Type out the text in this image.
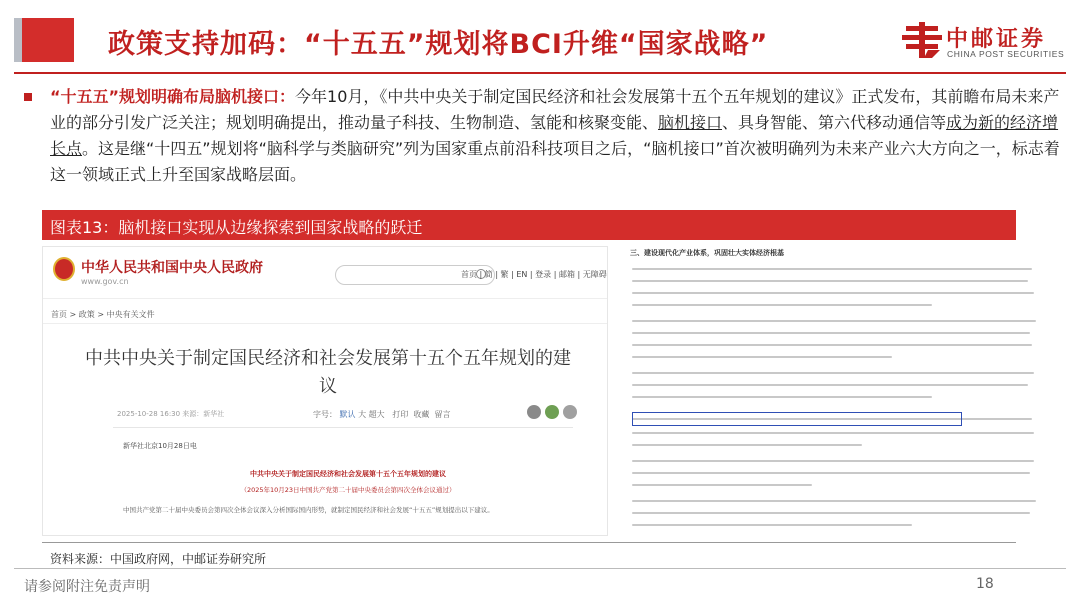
政策支持加码：“十五五”规划将BCI升维“国家战略”	中邮证券
CHINA POST SECURITIES

“十五五”规划明确布局脑机接口：今年10月，《中共中央关于制定国民经济和社会发展第十五个五年规划的建议》正式发布，其前瞻布局未来产业的部分引发广泛关注；规划明确提出，推动量子科技、生物制造、氢能和核聚变能、脑机接口、具身智能、第六代移动通信等成为新的经济增长点。这是继“十四五”规划将“脑科学与类脑研究”列为国家重点前沿科技项目之后，“脑机接口”首次被明确列为未来产业六大方向之一，标志着这一领域正式上升至国家战略层面。

图表13：脑机接口实现从边缘探索到国家战略的跃迁
中华人民共和国中央人民政府
www.gov.cn
首页 | 简 | 繁 | EN | 登录 | 邮箱 | 无障碍
首页 > 政策 > 中央有关文件
中共中央关于制定国民经济和社会发展第十五个五年规划的建议
2025-10-28 16:30 来源：新华社	字号： 默认 大 超大 打印 收藏 留言
新华社北京10月28日电
中共中央关于制定国民经济和社会发展第十五个五年规划的建议
（2025年10月23日中国共产党第二十届中央委员会第四次全体会议通过）
中国共产党第二十届中央委员会第四次全体会议深入分析国际国内形势，就制定国民经济和社会发展“十五五”规划提出以下建议。
三、建设现代化产业体系，巩固壮大实体经济根基
资料来源：中国政府网，中邮证券研究所
请参阅附注免责声明	18
